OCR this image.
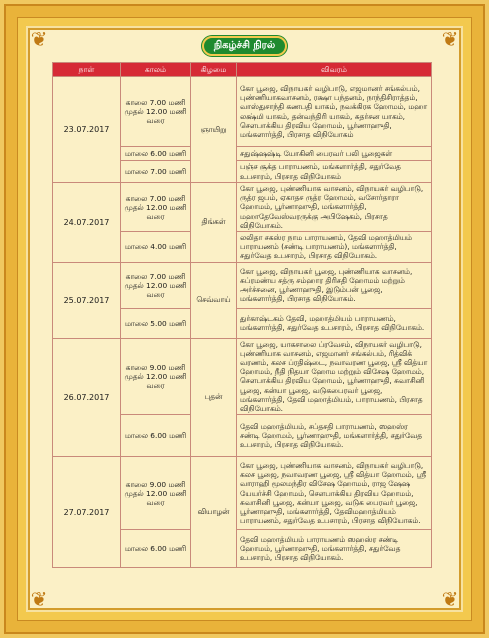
❦	❦
❦	❦
நிகழ்ச்சி நிரல்
நாள்	காலம்	கிழமை	விவரம்
23.07.2017	காலை 7.00 மணி முதல் 12.00 மணி வரை	ஞாயிறு	கோ பூஜை, விநாயகர் வழிபாடு, எஜமானர் சங்கல்பம், புண்ணியாகவாசனம், ரக்ஷா பந்தனம், நாந்திசிராத்தம், வாஸ்துசாந்தி கணபதி யாகம், நவக்கிரக ஹோமம், மஹா லக்ஷ்மி யாகம், தன்வந்திரி யாகம், சுதர்சன யாகம், சௌபாக்கிய திரவிய ஹோமம், பூர்ணாஹுதி, மங்களார்த்தி, பிரசாத விநியோகம்
	மாலை 6.00 மணி		சதுஷ்ஷஷ்டி யோகினி பைரவர் பலி பூஜைகள்
	மாலை 7.00 மணி		பஞ்ச சூக்த பாராயணம், மங்களார்த்தி, சதுர்வேத உபசாரம், பிரசாத விநியோகம்
24.07.2017	காலை 7.00 மணி முதல் 12.00 மணி வரை	திங்கள்	கோ பூஜை, புண்ணியாக வாசனம், விநாயகர் வழிபாடு, ருத்ர ஜபம், ஏகாதச ருத்ர ஹோமம், வசோர்தாரா ஹோமம், பூர்ணாஹுதி, மங்களார்த்தி, மஹாதேவேஸ்வரருக்கு அபிஷேகம், பிரசாத விநியோகம்.
	மாலை 4.00 மணி		லலிதா சகஸ்ர நாம பாராயணம், தேவி மஹாத்மியம் பாராயணம் (சண்டி பாராயணம்), மங்களார்த்தி, சதுர்வேத உபசாரம், பிரசாத விநியோகம்.
25.07.2017	காலை 7.00 மணி முதல் 12.00 மணி வரை	செவ்வாய்	கோ பூஜை, விநாயகர் பூஜை, புண்ணியாக வாசனம், சுப்ரமண்ய சத்ரு சம்ஹார திரிசதி ஹோமம் மற்றும் அர்ச்சனை, பூர்ணாஹுதி, இடும்பன் பூஜை, மங்களார்த்தி, பிரசாத விநியோகம்.
	மாலை 5.00 மணி		துர்காஷ்டகம் தேவி, மஹாத்மியம் பாராயணம், மங்களார்த்தி, சதுர்வேத உபசாரம், பிரசாத விநியோகம்.
26.07.2017	காலை 9.00 மணி முதல் 12.00 மணி வரை	புதன்	கோ பூஜை, யாகசாலை ப்ரவேசம், விநாயகர் வழிபாடு, புண்ணியாக வாசனம், எஜமானர் சங்கல்பம், ரித்விக் வரணம், கலச ப்ரதிஷ்டை, நவாவரண பூஜை, ஸ்ரீ வித்யா ஹோமம், நீதி நிதயா ஹோம மற்றும் விசேஷ ஹோமம், சௌபாக்கிய திரவிய ஹோமம், பூர்ணாஹுதி, சுவாசினி பூஜை, கன்யா பூஜை, வடுகபைரவர் பூஜை, மங்களார்த்தி, தேவி மஹாத்மியம், பாராயணம், பிரசாத விநியோகம்.
	மாலை 6.00 மணி		தேவி மஹாத்மியம், சப்தசதி பாராயணம், ஸஹஸ்ர சண்டி ஹோமம், பூர்ணாஹுதி, மங்களார்த்தி, சதுர்வேத உபசாரம், பிரசாத விநியோகம்.
27.07.2017	காலை 9.00 மணி முதல் 12.00 மணி வரை	வியாழன்	கோ பூஜை, புண்ணியாக வாசனம், விநாயகர் வழிபாடு, கலச பூஜை, நவாவரண பூஜை, ஸ்ரீ வித்யா ஹோமம், ஸ்ரீ வாராஹி மூலமந்திர விசேஷ ஹோமம், ராஜ ஷேஷ யேயர்ச்சி ஹோமம், சௌபாக்கிய திரவிய ஹோமம், சுவாசினி பூஜை, கன்யா பூஜை, வடுக பைரவர் பூஜை, பூர்ணாஹுதி, மங்களார்த்தி, தேவிமஹாத்மியம் பாராயணம், சதுர்வேத உபசாரம், பிரசாத விநியோகம்.
	மாலை 6.00 மணி		தேவி மஹாத்மியம் பாராயணம் ஸஹஸ்ர சண்டி ஹோமம், பூர்ணாஹுதி, மங்களார்த்தி, சதுர்வேத உபசாரம், பிரசாத விநியோகம்.
